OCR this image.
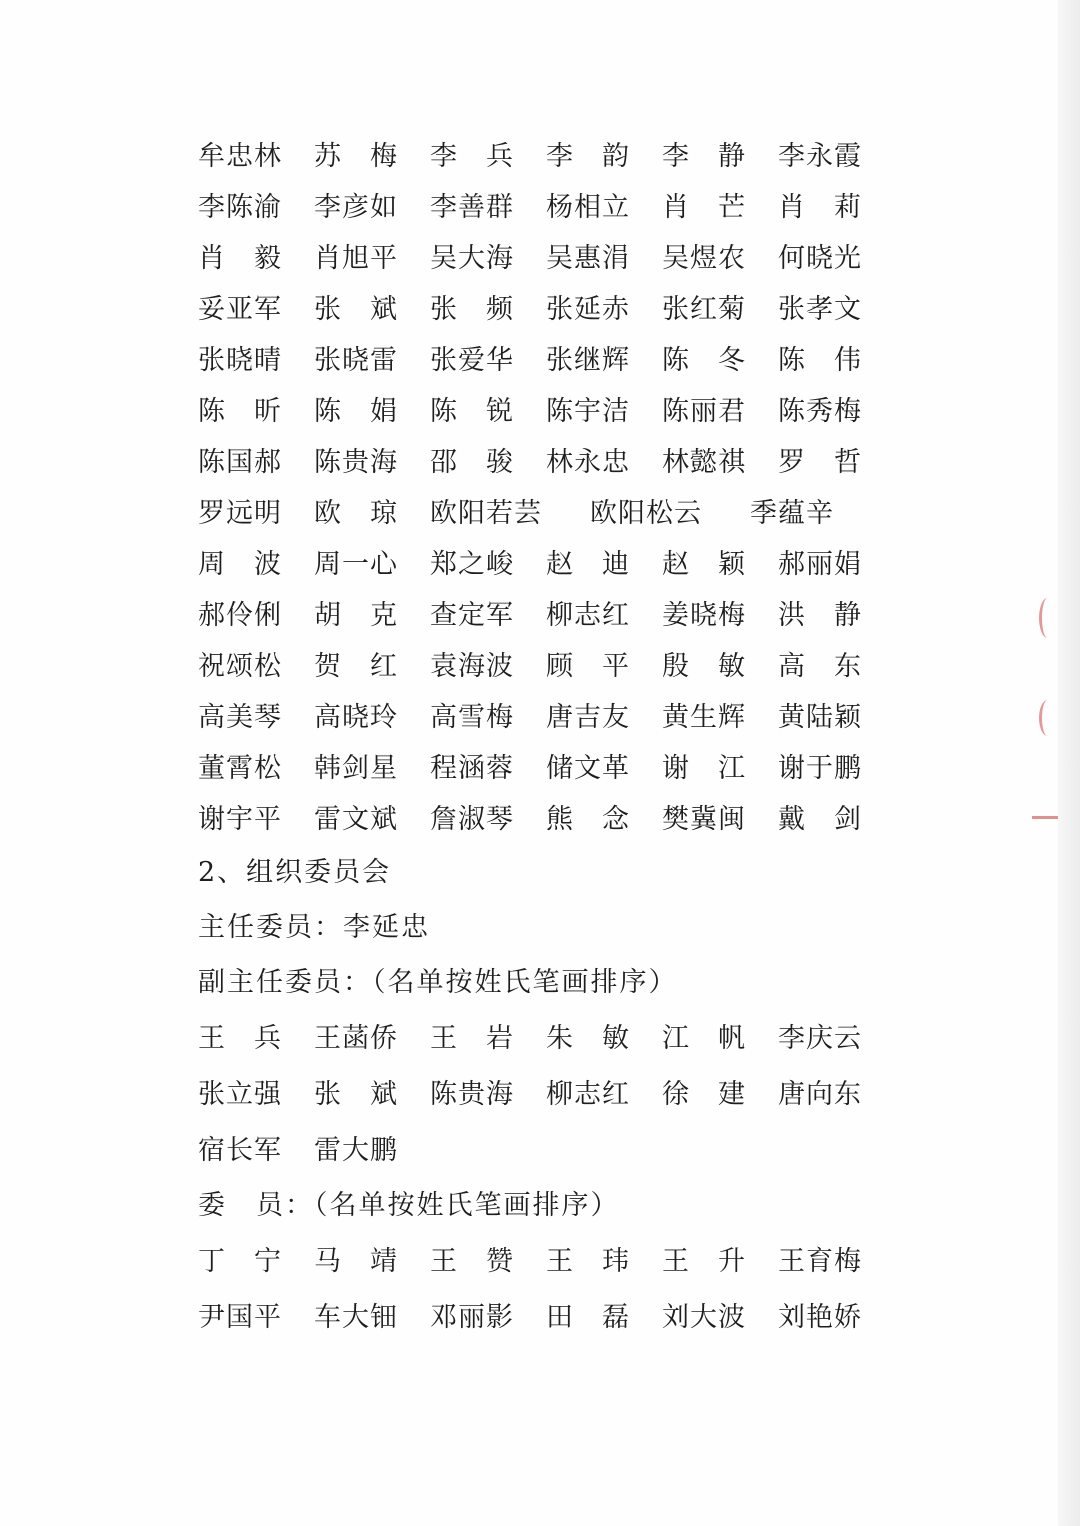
牟忠林	苏　梅	李　兵	李　韵	李　静	李永霞
李陈渝	李彦如	李善群	杨相立	肖　芒	肖　莉
肖　毅	肖旭平	吴大海	吴惠涓	吴煜农	何晓光
妥亚军	张　斌	张　频	张延赤	张红菊	张孝文
张晓晴	张晓雷	张爱华	张继辉	陈　冬	陈　伟
陈　昕	陈　娟	陈　锐	陈宇洁	陈丽君	陈秀梅
陈国郝	陈贵海	邵　骏	林永忠	林懿祺	罗　哲
罗远明	欧　琼	欧阳若芸	欧阳松云	季蕴辛
周　波	周一心	郑之峻	赵　迪	赵　颖	郝丽娟
郝伶俐	胡　克	查定军	柳志红	姜晓梅	洪　静
祝颂松	贺　红	袁海波	顾　平	殷　敏	高　东
高美琴	高晓玲	高雪梅	唐吉友	黄生辉	黄陆颖
董霄松	韩剑星	程涵蓉	储文革	谢　江	谢于鹏
谢宇平	雷文斌	詹淑琴	熊　念	樊冀闽	戴　剑
2、组织委员会
主任委员：李延忠
副主任委员：（名单按姓氏笔画排序）
王　兵	王菡侨	王　岩	朱　敏	江　帆	李庆云
张立强	张　斌	陈贵海	柳志红	徐　建	唐向东
宿长军	雷大鹏
委　员：（名单按姓氏笔画排序）
丁　宁	马　靖	王　赞	王　玮	王　升	王育梅
尹国平	车大钿	邓丽影	田　磊	刘大波	刘艳娇
